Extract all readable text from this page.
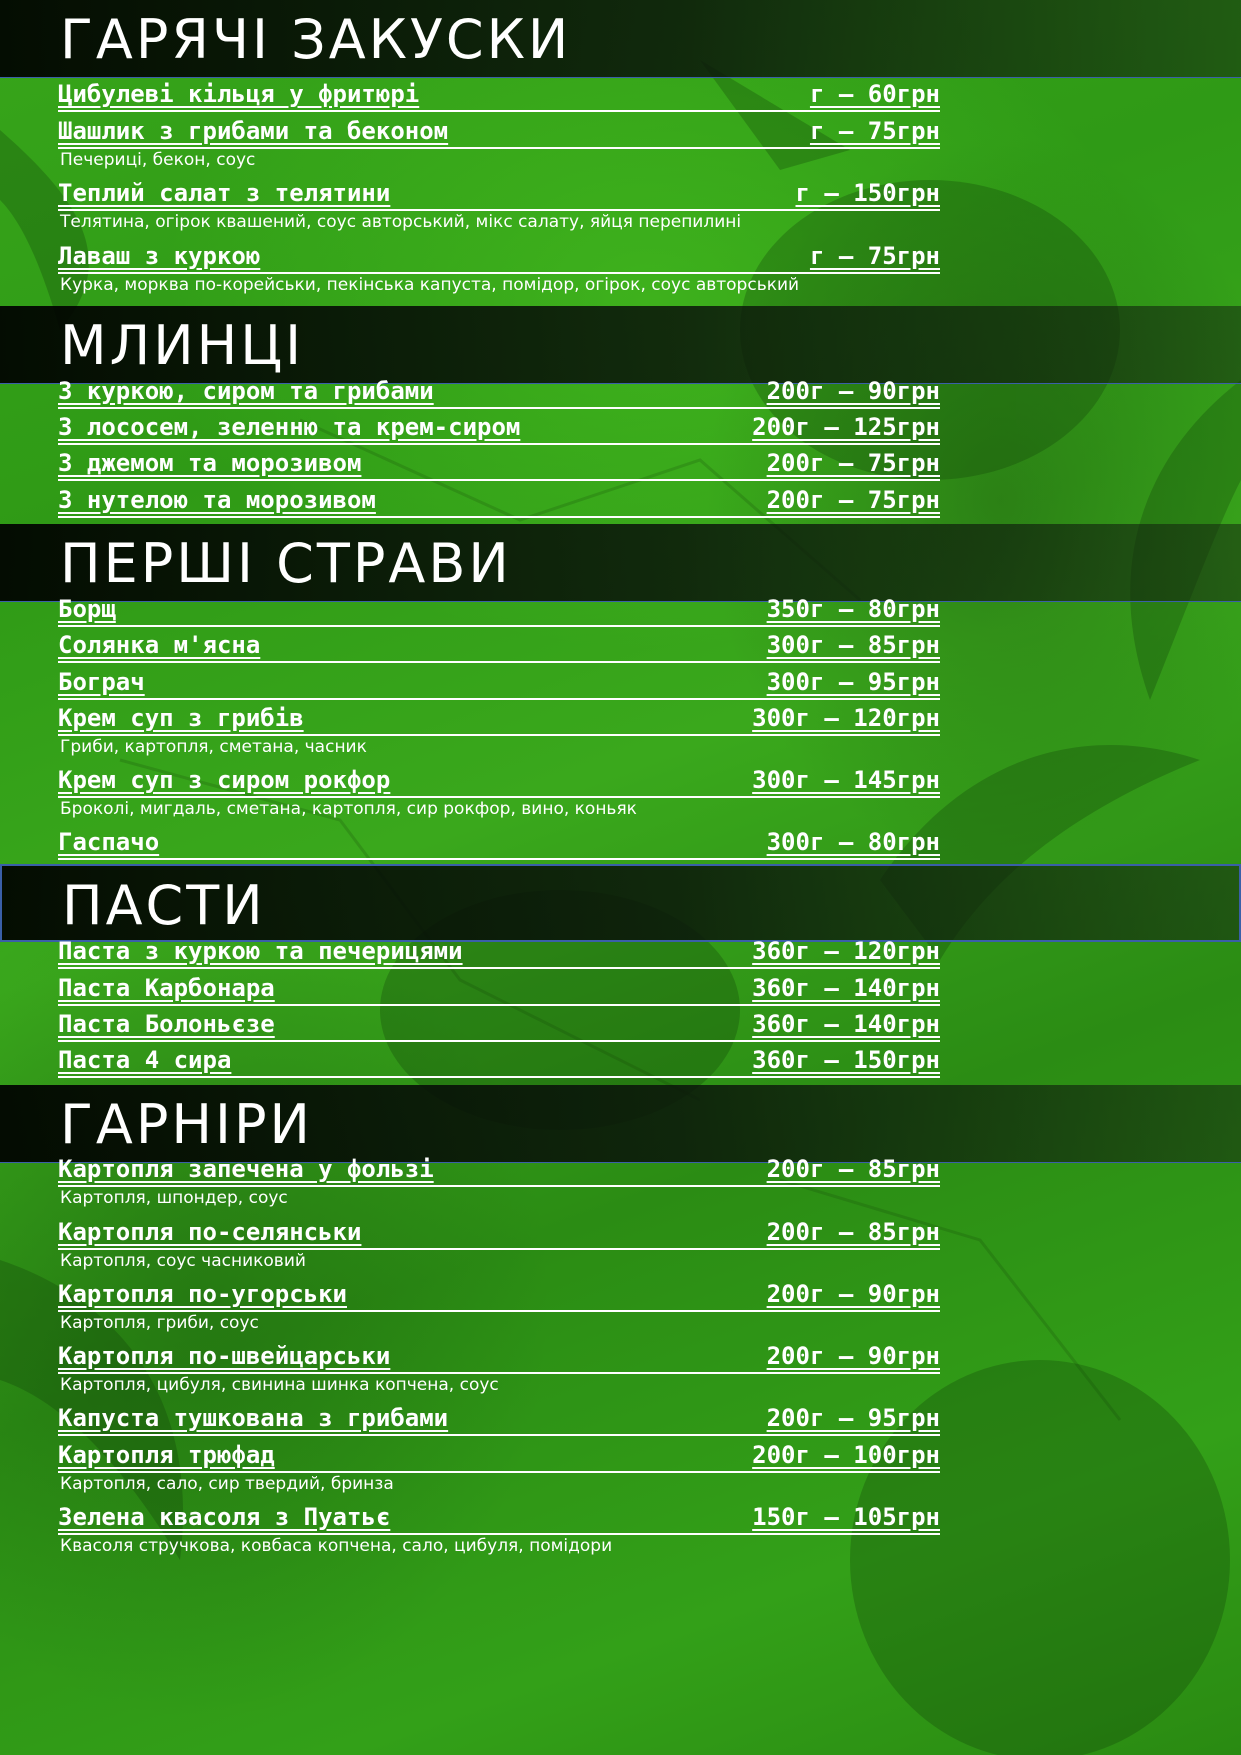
ГАРЯЧІ ЗАКУСКИ
Цибулеві кільця у фритюрі	г – 60грн
Шашлик з грибами та беконом	г – 75грн
Печериці, бекон, соус
Теплий салат з телятини	г – 150грн
Телятина, огірок квашений, соус авторський, мікс салату, яйця перепилині
Лаваш з куркою	г – 75грн
Курка, морква по-корейськи, пекінська капуста, помідор, огірок, соус авторський
МЛИНЦІ
З куркою, сиром та грибами	200г – 90грн
З лососем, зеленню та крем-сиром	200г – 125грн
З джемом та морозивом	200г – 75грн
З нутелою та морозивом	200г – 75грн
ПЕРШІ СТРАВИ
Борщ	350г – 80грн
Солянка м'ясна	300г – 85грн
Бограч	300г – 95грн
Крем суп з грибів	300г – 120грн
Гриби, картопля, сметана, часник
Крем суп з сиром рокфор	300г – 145грн
Броколі, мигдаль, сметана, картопля, сир рокфор, вино, коньяк
Гаспачо	300г – 80грн
ПАСТИ
Паста з куркою та печерицями	360г – 120грн
Паста Карбонара	360г – 140грн
Паста Болоньєзе	360г – 140грн
Паста 4 сира	360г – 150грн
ГАРНІРИ
Картопля запечена у фользі	200г – 85грн
Картопля, шпондер, соус
Картопля по-селянськи	200г – 85грн
Картопля, соус часниковий
Картопля по-угорськи	200г – 90грн
Картопля, гриби, соус
Картопля по-швейцарськи	200г – 90грн
Картопля, цибуля, свинина шинка копчена, соус
Капуста тушкована з грибами	200г – 95грн
Картопля трюфад	200г – 100грн
Картопля, сало, сир твердий, бринза
Зелена квасоля з Пуатьє	150г – 105грн
Квасоля стручкова, ковбаса копчена, сало, цибуля, помідори
